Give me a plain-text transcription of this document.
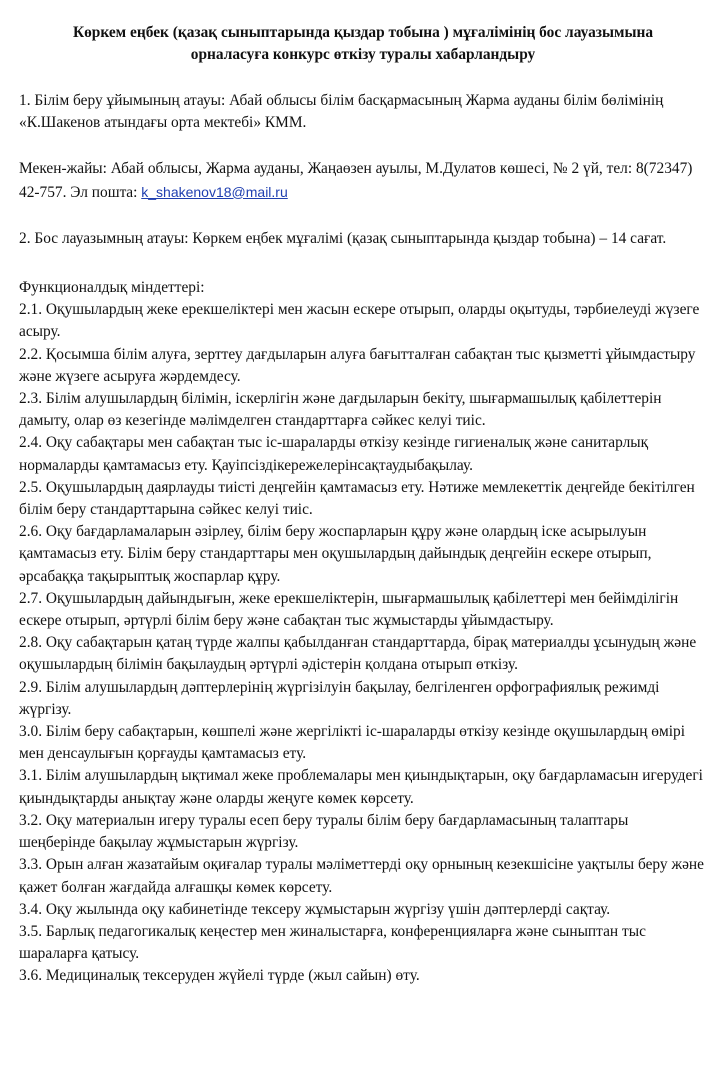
Көркем еңбек (қазақ сыныптарында қыздар тобына ) мұғалімінің бос лауазымына
орналасуға конкурс өткізу туралы хабарландыру

1. Білім беру ұйымының атауы: Абай облысы білім басқармасының Жарма ауданы білім бөлімінің «К.Шакенов атындағы орта мектебі» КММ.

Мекен-жайы: Абай облысы, Жарма ауданы, Жаңаөзен ауылы, М.Дулатов көшесі, № 2 үй, тел: 8(72347) 42-757. Эл поштa: k_shakenov18@mail.ru

2. Бос лауазымның атауы: Көркем еңбек мұғалімі (қазақ сыныптарында қыздар тобына) – 14 сағат.

Функционалдық міндеттері:

2.1. Оқушылардың жеке ерекшеліктері мен жасын ескере отырып, оларды оқытуды, тәрбиелеуді жүзеге асыру.

2.2. Қосымша білім алуға, зерттеу дағдыларын алуға бағытталған сабақтан тыс қызметті ұйымдастыру және жүзеге асыруға жәрдемдесу.

2.3. Білім алушылардың білімін, іскерлігін және дағдыларын бекіту, шығармашылық қабілеттерін дамыту, олар өз кезегінде мәлімделген стандарттарға сәйкес келуі тиіс.

2.4. Оқу сабақтары мен сабақтан тыс іс-шараларды өткізу кезінде гигиеналық және санитарлық нормаларды қамтамасыз ету. Қауіпсіздікережелерінсақтаудыбақылау.

2.5. Оқушылардың даярлауды тиісті деңгейін қамтамасыз ету. Нәтиже мемлекеттік деңгейде бекітілген білім беру стандарттарына сәйкес келуі тиіс.

2.6. Оқу бағдарламаларын әзірлеу, білім беру жоспарларын құру және олардың іске асырылуын қамтамасыз ету. Білім беру стандарттары мен оқушылардың дайындық деңгейін ескере отырып, әрсабаққа тақырыптық жоспарлар құру.

2.7. Оқушылардың дайындығын, жеке ерекшеліктерін, шығармашылық қабілеттері мен бейімділігін ескере отырып, әртүрлі білім беру және сабақтан тыс жұмыстарды ұйымдастыру.

2.8. Оқу сабақтарын қатаң түрде жалпы қабылданған стандарттарда, бірақ материалды ұсынудың және оқушылардың білімін бақылаудың әртүрлі әдістерін қолдана отырып өткізу.

2.9. Білім алушылардың дәптерлерінің жүргізілуін бақылау, белгіленген орфографиялық режимді жүргізу.

3.0. Білім беру сабақтарын, көшпелі және жергілікті іс-шараларды өткізу кезінде оқушылардың өмірі мен денсаулығын қорғауды қамтамасыз ету.

3.1. Білім алушылардың ықтимал жеке проблемалары мен қиындықтарын, оқу бағдарламасын игерудегі қиындықтарды анықтау және оларды жеңуге көмек көрсету.

3.2. Оқу материалын игеру туралы есеп беру туралы білім беру бағдарламасының талаптары шеңберінде бақылау жұмыстарын жүргізу.

3.3. Орын алған жазатайым оқиғалар туралы мәліметтерді оқу орнының кезекшісіне уақтылы беру және қажет болған жағдайда алғашқы көмек көрсету.

3.4. Оқу жылында оқу кабинетінде тексеру жұмыстарын жүргізу үшін дәптерлерді сақтау.

3.5. Барлық педагогикалық кеңестер мен жиналыстарға, конференцияларға және сыныптан тыс шараларға қатысу.

3.6. Медициналық тексеруден жүйелі түрде (жыл сайын) өту.
